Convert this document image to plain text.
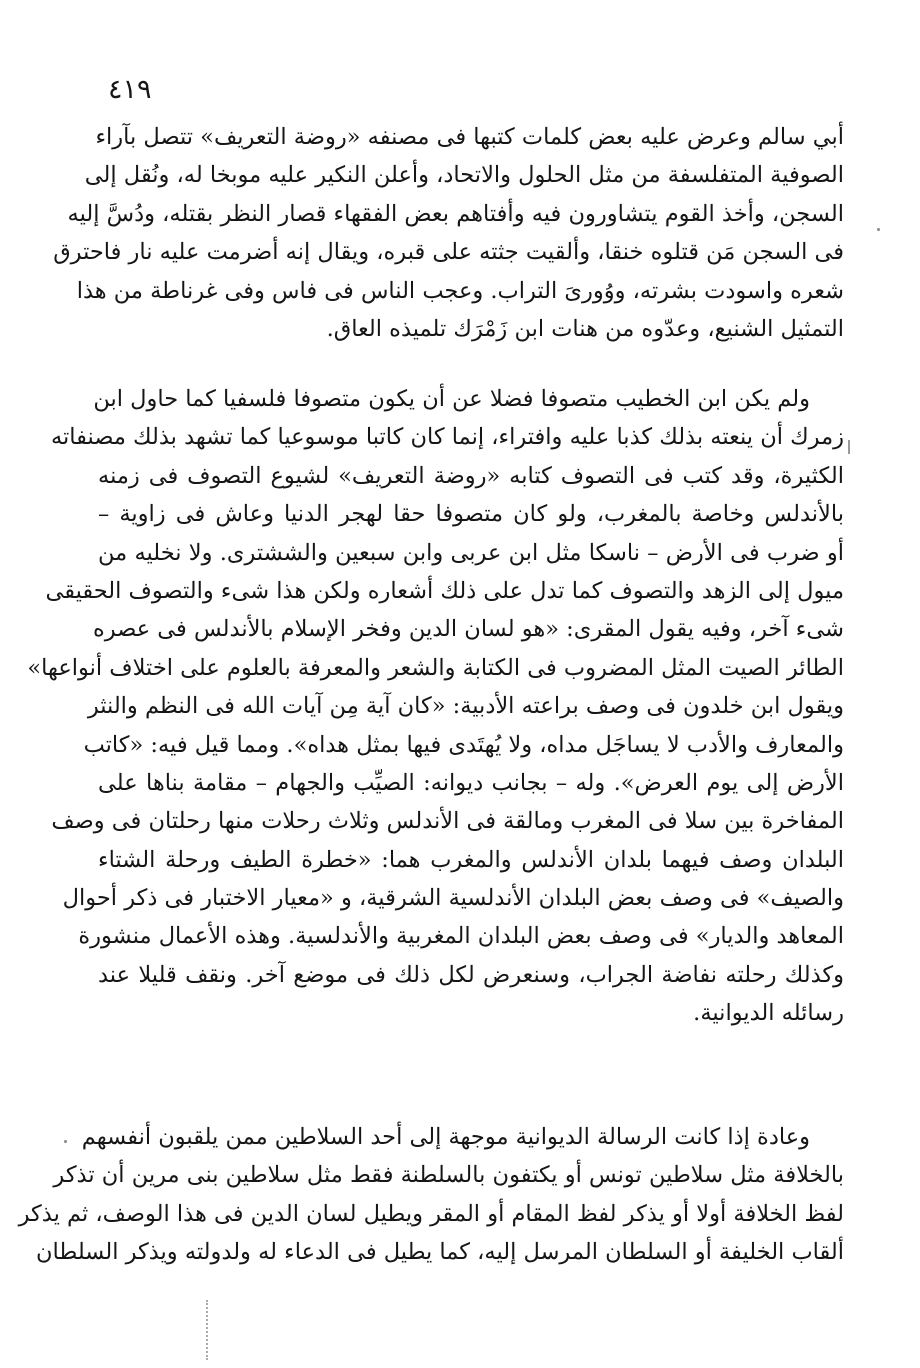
٤١٩
أبي سالم وعرض عليه بعض كلمات كتبها فى مصنفه «روضة التعريف» تتصل بآراء
الصوفية المتفلسفة من مثل الحلول والاتحاد، وأعلن النكير عليه موبخا له، ونُقل إلى
السجن، وأخذ القوم يتشاورون فيه وأفتاهم بعض الفقهاء قصار النظر بقتله، ودُسَّ إليه
فى السجن مَن قتلوه خنقا، وألقيت جثته على قبره، ويقال إنه أضرمت عليه نار فاحترق
شعره واسودت بشرته، ووُورىَ التراب. وعجب الناس فى فاس وفى غرناطة من هذا
التمثيل الشنيع، وعدّوه من هنات ابن زَمْرَك تلميذه العاق.
ولم يكن ابن الخطيب متصوفا فضلا عن أن يكون متصوفا فلسفيا كما حاول ابن
زمرك أن ينعته بذلك كذبا عليه وافتراء، إنما كان كاتبا موسوعيا كما تشهد بذلك مصنفاته
الكثيرة، وقد كتب فى التصوف كتابه «روضة التعريف» لشيوع التصوف فى زمنه
بالأندلس وخاصة بالمغرب، ولو كان متصوفا حقا لهجر الدنيا وعاش فى زاوية –
أو ضرب فى الأرض – ناسكا مثل ابن عربى وابن سبعين والششترى. ولا نخليه من
ميول إلى الزهد والتصوف كما تدل على ذلك أشعاره ولكن هذا شىء والتصوف الحقيقى
شىء آخر، وفيه يقول المقرى: «هو لسان الدين وفخر الإسلام بالأندلس فى عصره
الطائر الصيت المثل المضروب فى الكتابة والشعر والمعرفة بالعلوم على اختلاف أنواعها»
ويقول ابن خلدون فى وصف براعته الأدبية: «كان آية مِن آيات الله فى النظم والنثر
والمعارف والأدب لا يساجَل مداه، ولا يُهتَدى فيها بمثل هداه». ومما قيل فيه: «كاتب
الأرض إلى يوم العرض». وله – بجانب ديوانه: الصيِّب والجهام – مقامة بناها على
المفاخرة بين سلا فى المغرب ومالقة فى الأندلس وثلاث رحلات منها رحلتان فى وصف
البلدان وصف فيهما بلدان الأندلس والمغرب هما: «خطرة الطيف ورحلة الشتاء
والصيف» فى وصف بعض البلدان الأندلسية الشرقية، و «معيار الاختبار فى ذكر أحوال
المعاهد والديار» فى وصف بعض البلدان المغربية والأندلسية. وهذه الأعمال منشورة
وكذلك رحلته نفاضة الجراب، وسنعرض لكل ذلك فى موضع آخر. ونقف قليلا عند
رسائله الديوانية.
وعادة إذا كانت الرسالة الديوانية موجهة إلى أحد السلاطين ممن يلقبون أنفسهم
بالخلافة مثل سلاطين تونس أو يكتفون بالسلطنة فقط مثل سلاطين بنى مرين أن تذكر
لفظ الخلافة أولا أو يذكر لفظ المقام أو المقر ويطيل لسان الدين فى هذا الوصف، ثم يذكر
ألقاب الخليفة أو السلطان المرسل إليه، كما يطيل فى الدعاء له ولدولته ويذكر السلطان
